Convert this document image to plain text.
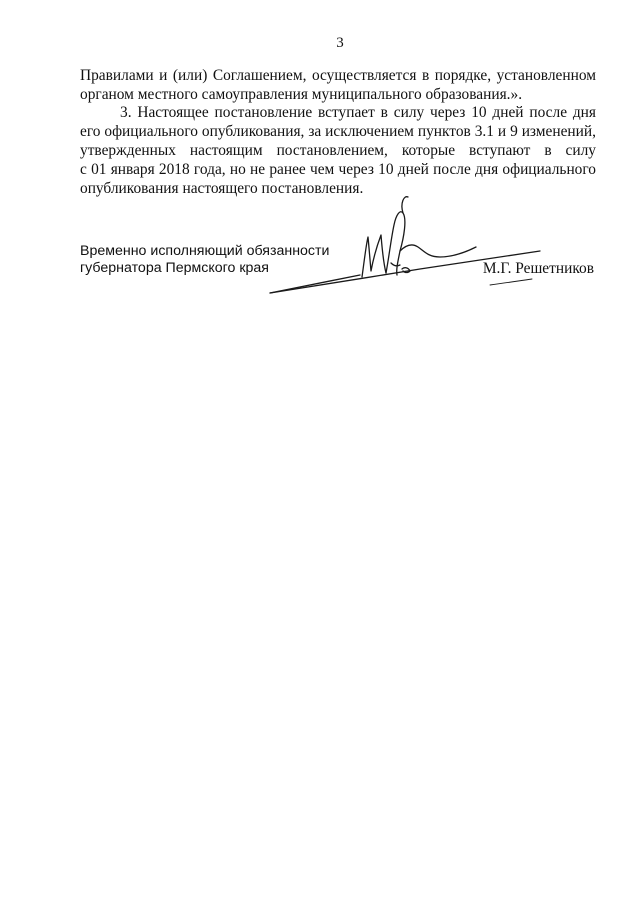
3
Правилами и (или) Соглашением, осуществляется в порядке, установленном
органом местного самоуправления муниципального образования.».
3. Настоящее постановление вступает в силу через 10 дней после дня
его официального опубликования, за исключением пунктов 3.1 и 9 изменений,
утвержденных настоящим постановлением, которые вступают в силу
с 01 января 2018 года, но не ранее чем через 10 дней после дня официального
опубликования настоящего постановления.
Временно исполняющий обязанности
губернатора Пермского края	М.Г. Решетников
